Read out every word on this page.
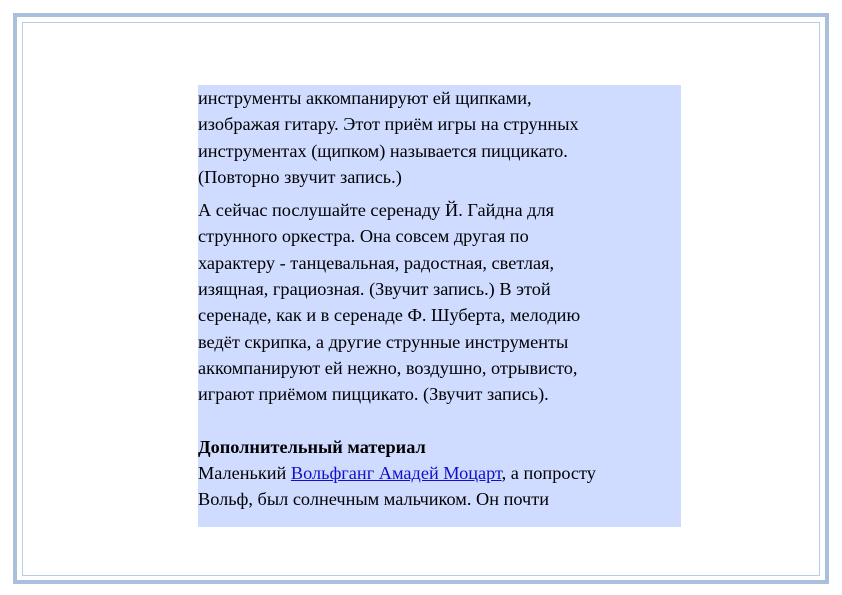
инструменты аккомпанируют ей щипками,
изображая гитару. Этот приём игры на струнных
инструментах (щипком) называется пиццикато.
(Повторно звучит запись.)

А сейчас послушайте серенаду Й. Гайдна для
струнного оркестра. Она совсем другая по
характеру - танцевальная, радостная, светлая,
изящная, грациозная. (Звучит запись.) В этой
серенаде, как и в серенаде Ф. Шуберта, мелодию
ведёт скрипка, а другие струнные инструменты
аккомпанируют ей нежно, воздушно, отрывисто,
играют приёмом пиццикато. (Звучит запись).

Дополнительный материал
Маленький Вольфганг Амадей Моцарт, а попросту
Вольф, был солнечным мальчиком. Он почти
